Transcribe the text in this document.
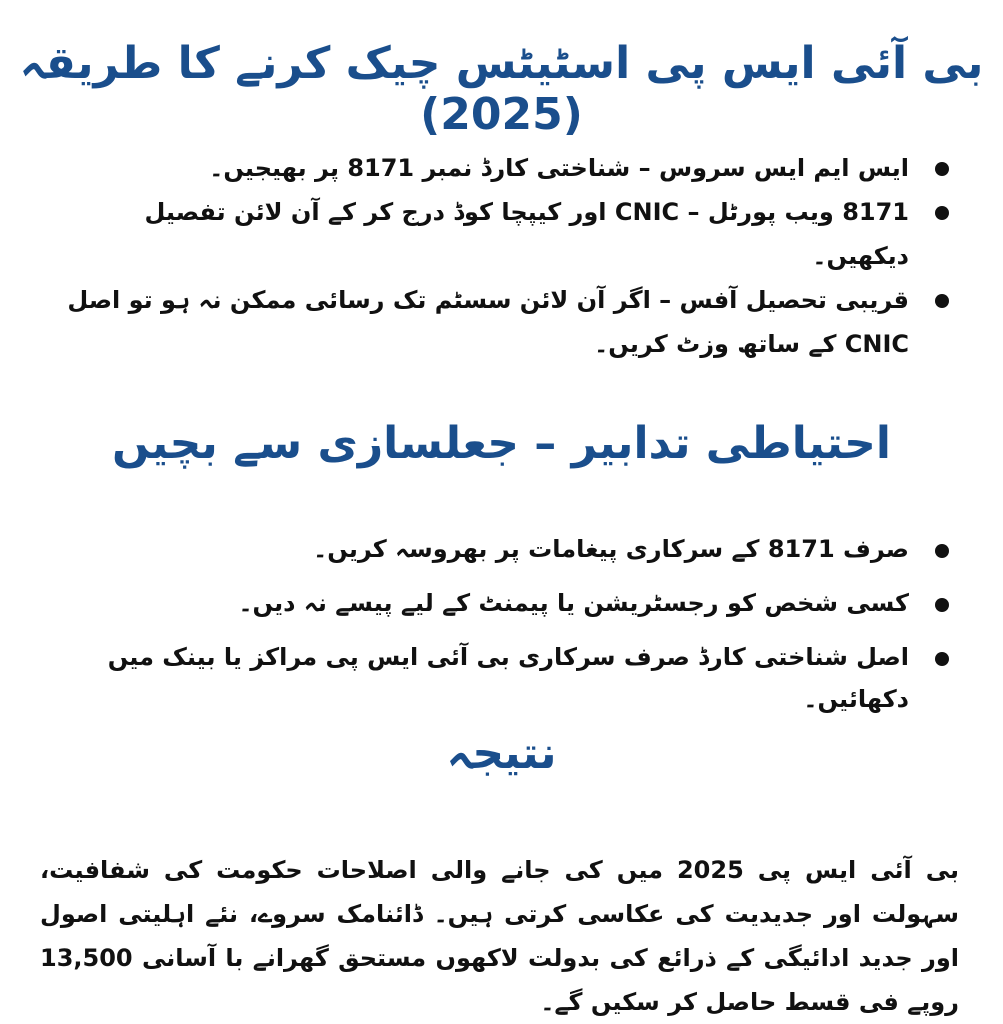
بی آئی ایس پی اسٹیٹس چیک کرنے کا طریقہ (2025)
ایس ایم ایس سروس – شناختی کارڈ نمبر 8171 پر بھیجیں۔
8171 ویب پورٹل – CNIC اور کیپچا کوڈ درج کر کے آن لائن تفصیل دیکھیں۔
قریبی تحصیل آفس – اگر آن لائن سسٹم تک رسائی ممکن نہ ہو تو اصل CNIC کے ساتھ وزٹ کریں۔
احتیاطی تدابیر – جعلسازی سے بچیں
صرف 8171 کے سرکاری پیغامات پر بھروسہ کریں۔
کسی شخص کو رجسٹریشن یا پیمنٹ کے لیے پیسے نہ دیں۔
اصل شناختی کارڈ صرف سرکاری بی آئی ایس پی مراکز یا بینک میں دکھائیں۔
نتیجہ

بی آئی ایس پی 2025 میں کی جانے والی اصلاحات حکومت کی شفافیت، سہولت اور جدیدیت کی عکاسی کرتی ہیں۔ ڈائنامک سروے، نئے اہلیتی اصول اور جدید ادائیگی کے ذرائع کی بدولت لاکھوں مستحق گھرانے با آسانی 13,500 روپے فی قسط حاصل کر سکیں گے۔
